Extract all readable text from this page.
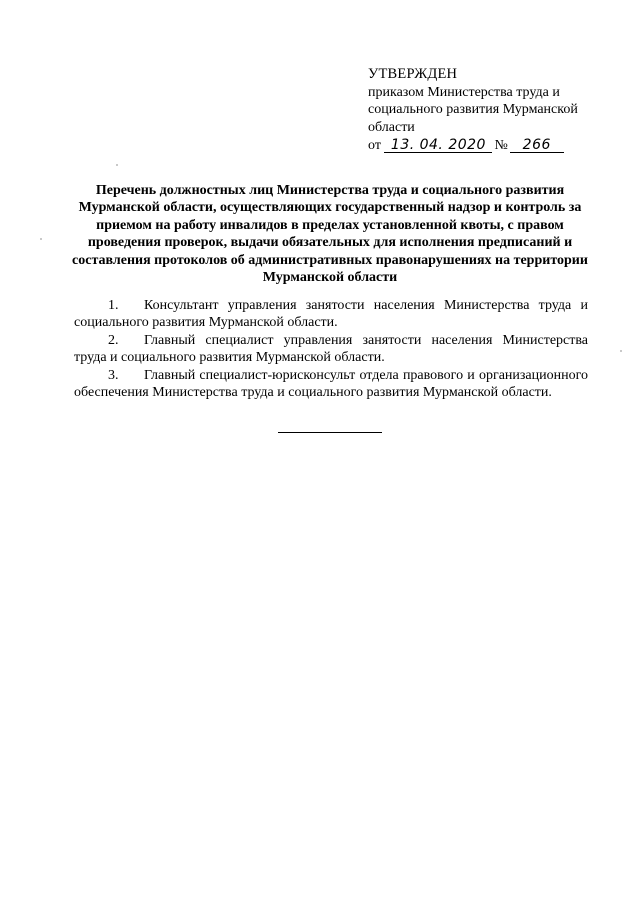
УТВЕРЖДЕН
приказом Министерства труда и
социального развития Мурманской
области
от 13. 04. 2020 № 266
Перечень должностных лиц Министерства труда и социального развития Мурманской области, осуществляющих государственный надзор и контроль за приемом на работу инвалидов в пределах установленной квоты, с правом проведения проверок, выдачи обязательных для исполнения предписаний и составления протоколов об административных правонарушениях на территории Мурманской области

1. Консультант управления занятости населения Министерства труда и социального развития Мурманской области.

2. Главный специалист управления занятости населения Министерства труда и социального развития Мурманской области.

3. Главный специалист-юрисконсульт отдела правового и организационного обеспечения Министерства труда и социального развития Мурманской области.
